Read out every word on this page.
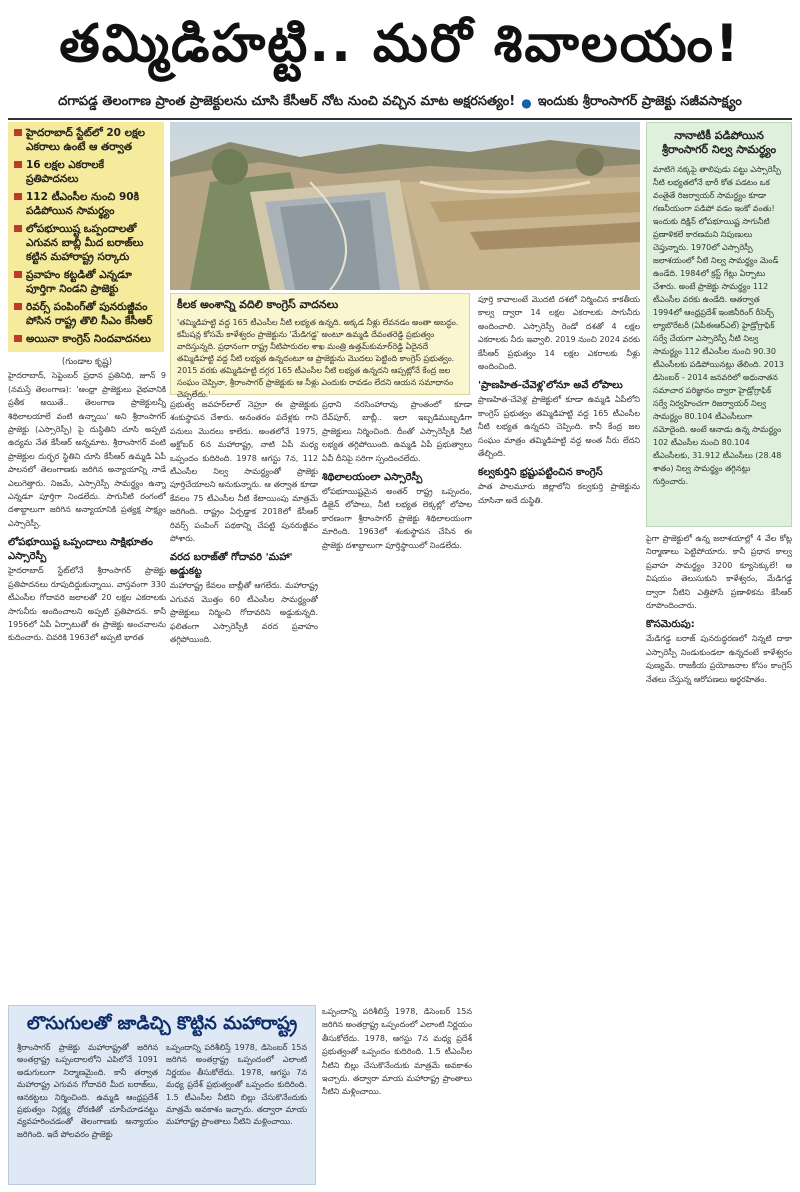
తమ్మిడిహట్టి.. మరో శివాలయం!
దగాపడ్డ తెలంగాణ ప్రాంత ప్రాజెక్టులను చూసి కేసీఆర్ నోట నుంచి వచ్చిన మాట అక్షరసత్యం! ● ఇందుకు శ్రీరాంసాగర్ ప్రాజెక్టు సజీవసాక్ష్యం
హైదరాబాద్ స్టేట్‌లో 20 లక్షల ఎకరాలు ఉంటే ఆ తర్వాత
16 లక్షల ఎకరాలకే ప్రతిపాదనలు
112 టీఎంసీల నుంచి 90కి పడిపోయిన సామర్థ్యం
లోపభూయిష్ట ఒప్పందాలతో ఎగువన బాబ్లీ మీద బరాజ్‌లు కట్టిన మహారాష్ట్ర సర్కారు
ప్రవాహం కట్టడితో ఎన్నడూ పూర్తిగా నిండని ప్రాజెక్టు
రివర్స్ పంపింగ్‌తో పునరుజ్జీవం పోసిన రాష్ట్ర తొలి సీఎం కేసీఆర్
అయినా కాంగ్రెస్ నిందవాదనలు
కీలక అంశాన్ని వదిలి కాంగ్రెస్ వాదనలు
'తమ్మిడిహట్టి వద్ద 165 టీఎంసీల నీటి లభ్యత ఉన్నది. అక్కడ నీళ్లు లేవనడం అంతా అబద్ధం. కమీషన్ల కోసమే కాళేశ్వరం ప్రాజెక్టును 'మేడిగడ్డ' అంటూ ఉమ్మడి దేవంతరెడ్డి ప్రభుత్వం వాదిస్తున్నది. ప్రధానంగా రాష్ట్ర నీటిపారుదల శాఖ మంత్రి ఉత్తమ్‌కుమార్‌రెడ్డి ఏదైనదే తమ్మిడిహట్టి వద్ద నీటి లభ్యత ఉన్నదంటూ ఆ ప్రాజెక్టును మొదలు పెట్టింది కాంగ్రెస్ ప్రభుత్వం. 2015 వరకు తమ్మిడిహట్టి దగ్గర 165 టీఎంసీల నీటి లభ్యత ఉన్నదని ఆప్పట్లోనే కేంద్ర జల సంఘం చెప్పినా, శ్రీరాంసాగర్ ప్రాజెక్టుకు ఆ నీళ్లు ఎందుకు రావడం లేదని ఆయన సమాధానం చెప్పలేదు.'
నానాటికీ పడిపోయిన శ్రీరాంసాగర్ నిల్వ సామర్థ్యం
మాటిగె నక్కపై తాలిపుడు పట్టు ఎస్సారెస్పీ నీటి లభ్యతలోనే భారీ కోత పడటం ఒక వంతైతే రిజర్వాయర్ సామర్థ్యం కూడా గణనీయంగా పడిపో వడం ఇంకో వంతు! ఇందుకు దిక్షిన్ లోపభూయిష్ట సాగునీటి ప్రణాళికలే కారణమని నిపుణులు చెప్తున్నారు. 1970లో ఎస్సారెస్పీ జలాశయంలో నీటి నిల్వ సామర్థ్యం మెండ్ ఉండేది. 1984లో క్రస్ట్ గేట్లు ఏర్పాటు చేశారు. అంటే ప్రాజెక్టు సామర్థ్యం 112 టీఎంసీల వరకు ఉండేది. ఆతర్వాత 1994లో ఆంధ్రప్రదేశ్ ఇంజినీరింగ్ రీసెర్చ్ ల్యాబొరేటరీ (ఏపీఈఆర్ఎల్) హైడ్రోగ్రాఫిక్ సర్వే చేయగా ఎస్సారెస్పీ నీటి నిల్వ సామర్థ్యం 112 టీఎంసీల నుంచి 90.30 టీఎంసీలకు పడిపోయినట్లు తేలింది. 2013 డిసెంబర్ - 2014 జనవరిలో అధునాతన సమాచార పరిజ్ఞానం ద్వారా హైడ్రోగ్రాఫిక్ సర్వే నిర్వహించగా రిజర్వాయర్ నిల్వ సామర్థ్యం 80.104 టీఎంసీలుగా నమోదైంది. అంటే ఆనాడు ఉన్న సామర్థ్యం 102 టీఎంసీల నుంచి 80.104 టీఎంసీలకు, 31.912 టీఎంసీలు (28.48 శాతం) నిల్వ సామర్థ్యం తగ్గినట్లు గుర్తించారు.
(గుండాల కృష్ణ)
హైదరాబాద్, సెప్టెంబర్ ప్రధాన ప్రతినిధి, జూన్ 9 (నమస్తే తెలంగాణ): 'ఆంధ్రా ప్రాజెక్టులు వైభవానికి ప్రతీక అయితే.. తెలంగాణ ప్రాజెక్టులన్నీ శిథిలాలయాలే వంటి ఉన్నాయి' అని శ్రీరాంసాగర్ ప్రాజెక్టు (ఎస్సారెస్పీ) పై దుస్థితిని చూసి అప్పటి ఉద్యమ నేత కేసీఆర్ అన్నమాట. శ్రీరాంసాగర్ వంటి ప్రాజెక్టుల దుర్భర స్థితిని చూసి కేసీఆర్ ఉమ్మడి ఏపీ పాలనలో తెలంగాణకు జరిగిన అన్యాయాన్ని నాడే ఎలుగెత్తారు. నిజమే, ఎస్సారెస్పీ సామర్థ్యం ఉన్నా ఎన్నడూ పూర్తిగా నిండలేదు. సాగునీటి రంగంలో దశాబ్దాలుగా జరిగిన అన్యాయానికి ప్రత్యక్ష సాక్ష్యం ఎస్సారెస్పీ.
లోపభూయిష్ట ఒప్పందాలు సాక్షిభూతం ఎస్సారెస్పీ
హైదరాబాద్ స్టేట్‌లోనే శ్రీరాంసాగర్ ప్రాజెక్టు ప్రతిపాదనలు రూపుదిద్దుకున్నాయి. వాస్తవంగా 330 టీఎంసీల గోదావరి జలాలతో 20 లక్షల ఎకరాలకు సాగునీరు అందించాలని అప్పటి ప్రతిపాదన. కానీ 1956లో ఏపీ ఏర్పాటుతో ఈ ప్రాజెక్టు అంచనాలను కుదించారు. చివరికి 1963లో అప్పటి భారత
ప్రభుత్వ జవహర్‌లాల్ నెహ్రూ ఈ ప్రాజెక్టుకు శంకుస్థాపన చేశారు. అనంతరం పదేళ్లకు గాని పనులు మొదలు కాలేదు. అంతలోనే 1975, అక్టోబర్ 6న మహారాష్ట్ర, నాటి ఏపీ మధ్య ఒప్పందం కుదిరింది. 1978 ఆగస్టు 7న, 112 టీఎంసీల నిల్వ సామర్థ్యంతో ప్రాజెక్టు పూర్తిచేయాలని అనుకున్నారు. ఆ తర్వాత కూడా కేవలం 75 టీఎంసీల నీటి కేటాయింపు మాత్రమే జరిగింది. రాష్ట్రం ఏర్పడ్డాక 2018లో కేసీఆర్ రివర్స్ పంపింగ్ పథకాన్ని చేపట్టి పునరుజ్జీవం పోశారు.
వరద బరాజ్‌తో గోదావరి 'మహా' అడ్డుకట్ట
మహారాష్ట్ర కేవలం బాబ్లీతో ఆగలేదు. మహారాష్ట్ర ఎగువన మొత్తం 60 టీఎంసీల సామర్థ్యంతో ప్రాజెక్టులు నిర్మించి గోదావరిని అడ్డుకున్నది. ఫలితంగా ఎస్సారెస్పీకి వరద ప్రవాహం తగ్గిపోయింది.
ప్రధాని నరసింహారావు ప్రాంతంలో కూడా దేవ్‌పూర్, బాబ్లీ.. ఇలా ఇబ్బడిముబ్బడిగా ప్రాజెక్టులు నిర్మించింది. దీంతో ఎస్సారెస్పీకి నీటి లభ్యత తగ్గిపోయింది. ఉమ్మడి ఏపీ ప్రభుత్వాలు ఏవీ దీనిపై సరిగా స్పందించలేదు.
శిథిలాలయంలా ఎస్సారెస్పీ
లోపభూయిష్టమైన అంతర్ రాష్ట్ర ఒప్పందం, డిజైన్ లోపాలు, నీటి లభ్యత లెక్కల్లో లోపాల కారణంగా శ్రీరాంసాగర్ ప్రాజెక్టు శిథిలాలయంగా మారింది. 1963లో శంకుస్థాపన చేసిన ఈ ప్రాజెక్టు దశాబ్దాలుగా పూర్తిస్థాయిలో నిండలేదు.
పూర్తి కావాలంటే మొదటి దశలో నిర్మించిన కాకతీయ కాల్వ ద్వారా 14 లక్షల ఎకరాలకు సాగునీరు అందించాలి. ఎస్సారెస్పీ రెండో దశతో 4 లక్షల ఎకరాలకు నీరు ఇవ్వాలి. 2019 నుంచి 2024 వరకు కేసీఆర్ ప్రభుత్వం 14 లక్షల ఎకరాలకు నీళ్లు అందించింది.
'ప్రాణహిత-చేవెళ్ల'లోనూ అవే లోపాలు
ప్రాణహిత-చేవెళ్ల ప్రాజెక్టులో కూడా ఉమ్మడి ఏపీలోని కాంగ్రెస్ ప్రభుత్వం తమ్మిడిహట్టి వద్ద 165 టీఎంసీల నీటి లభ్యత ఉన్నదని చెప్పింది. కానీ కేంద్ర జల సంఘం మాత్రం తమ్మిడిహట్టి వద్ద అంత నీరు లేదని తేల్చింది.
కల్వకుర్తిని భ్రష్టుపట్టించిన కాంగ్రెస్
పాత పాలమూరు జిల్లాలోని కల్వకుర్తి ప్రాజెక్టును చూసినా అదే దుస్థితి.
పైగా ప్రాజెక్టులో ఉన్న జలాశయాల్లో 4 వేల కోట్ల నిర్మాణాలు పెట్టిపోయారు. కానీ ప్రధాన కాల్వ ప్రవాహ సామర్థ్యం 3200 క్యూసెక్కులే! ఆ విషయం తెలుసుకుని కాళేశ్వరం, మేడిగడ్డ ద్వారా నీటిని ఎత్తిపోసే ప్రణాళికను కేసీఆర్ రూపొందించారు.
కొసమెరుపు:
మేడిగడ్డ బరాజ్ పునరుద్ధరణలో నిన్నటి దాకా ఎస్సారెస్పీ నిండుకుండలా ఉన్నదంటే కాళేశ్వరం పుణ్యమే. రాజకీయ ప్రయోజనాల కోసం కాంగ్రెస్ నేతలు చేస్తున్న ఆరోపణలు అర్థరహితం.
లొసుగులతో జాడిచ్చి కొట్టిన మహారాష్ట్ర
శ్రీరాంసాగర్ ప్రాజెక్టు మహారాష్ట్రతో జరిగిన అంతర్రాష్ట్ర ఒప్పందాలలోని ఎపిలోనే 1091 అడుగులుగా నిర్మాణమైంది. కానీ తర్వాత మహారాష్ట్ర ఎగువన గోదావరి మీద బరాజ్‌లు, ఆనకట్టలు నిర్మించింది. ఉమ్మడి ఆంధ్రప్రదేశ్ ప్రభుత్వం నిర్లక్ష్య ధోరణితో చూసీచూడనట్టు వ్యవహరించడంతో తెలంగాణకు అన్యాయం జరిగింది. ఇదే పోలవరం ప్రాజెక్టు
ఒప్పందాన్ని పరిశీలిస్తే 1978, డిసెంబర్ 15న జరిగిన అంతర్రాష్ట్ర ఒప్పందంలో ఎలాంటి నిర్ణయం తీసుకోలేదు. 1978, ఆగస్టు 7న మధ్య ప్రదేశ్ ప్రభుత్వంతో ఒప్పందం కుదిరింది. 1.5 టీఎంసీల నీటిని బిల్లు చేసుకొనేందుకు మాత్రమే అవకాశం ఇచ్చారు. తద్వారా మాయ మహారాష్ట్ర ప్రాంతాలు నీటిని మళ్లించాయి.
ఒప్పందాన్ని పరిశీలిస్తే 1978, డిసెంబర్ 15న జరిగిన అంతర్రాష్ట్ర ఒప్పందంలో ఎలాంటి నిర్ణయం తీసుకోలేదు. 1978, ఆగస్టు 7న మధ్య ప్రదేశ్ ప్రభుత్వంతో ఒప్పందం కుదిరింది. 1.5 టీఎంసీల నీటిని బిల్లు చేసుకొనేందుకు మాత్రమే అవకాశం ఇచ్చారు. తద్వారా మాయ మహారాష్ట్ర ప్రాంతాలు నీటిని మళ్లించాయి.
